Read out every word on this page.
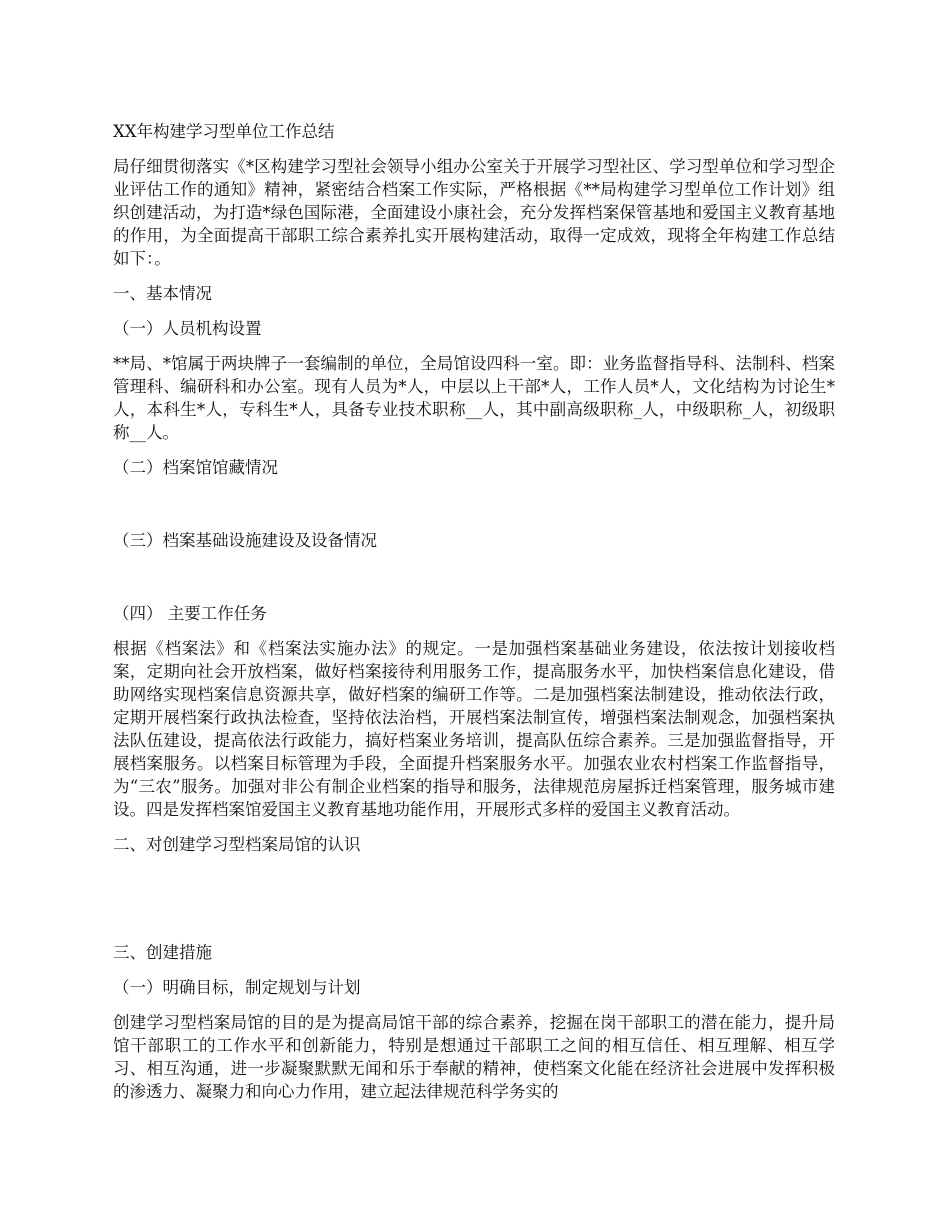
XX年构建学习型单位工作总结

局仔细贯彻落实《*区构建学习型社会领导小组办公室关于开展学习型社区、学习型单位和学习型企业评估工作的通知》精神，紧密结合档案工作实际，严格根据《**局构建学习型单位工作计划》组织创建活动，为打造*绿色国际港，全面建设小康社会，充分发挥档案保管基地和爱国主义教育基地的作用，为全面提高干部职工综合素养扎实开展构建活动，取得一定成效，现将全年构建工作总结如下：。

一、基本情况

（一）人员机构设置

**局、*馆属于两块牌子一套编制的单位，全局馆设四科一室。即：业务监督指导科、法制科、档案管理科、编研科和办公室。现有人员为*人，中层以上干部*人，工作人员*人，文化结构为讨论生*人，本科生*人，专科生*人，具备专业技术职称__人，其中副高级职称_人，中级职称_人，初级职称__人。

（二）档案馆馆藏情况

（三）档案基础设施建设及设备情况

（四） 主要工作任务

根据《档案法》和《档案法实施办法》的规定。一是加强档案基础业务建设，依法按计划接收档案，定期向社会开放档案，做好档案接待利用服务工作，提高服务水平，加快档案信息化建设，借助网络实现档案信息资源共享，做好档案的编研工作等。二是加强档案法制建设，推动依法行政，定期开展档案行政执法检查，坚持依法治档，开展档案法制宣传，增强档案法制观念，加强档案执法队伍建设，提高依法行政能力，搞好档案业务培训，提高队伍综合素养。三是加强监督指导，开展档案服务。以档案目标管理为手段，全面提升档案服务水平。加强农业农村档案工作监督指导，为“三农”服务。加强对非公有制企业档案的指导和服务，法律规范房屋拆迁档案管理，服务城市建设。四是发挥档案馆爱国主义教育基地功能作用，开展形式多样的爱国主义教育活动。

二、对创建学习型档案局馆的认识

三、创建措施

（一）明确目标，制定规划与计划

创建学习型档案局馆的目的是为提高局馆干部的综合素养，挖掘在岗干部职工的潜在能力，提升局馆干部职工的工作水平和创新能力，特别是想通过干部职工之间的相互信任、相互理解、相互学习、相互沟通，进一步凝聚默默无闻和乐于奉献的精神，使档案文化能在经济社会进展中发挥积极的渗透力、凝聚力和向心力作用，建立起法律规范科学务实的
